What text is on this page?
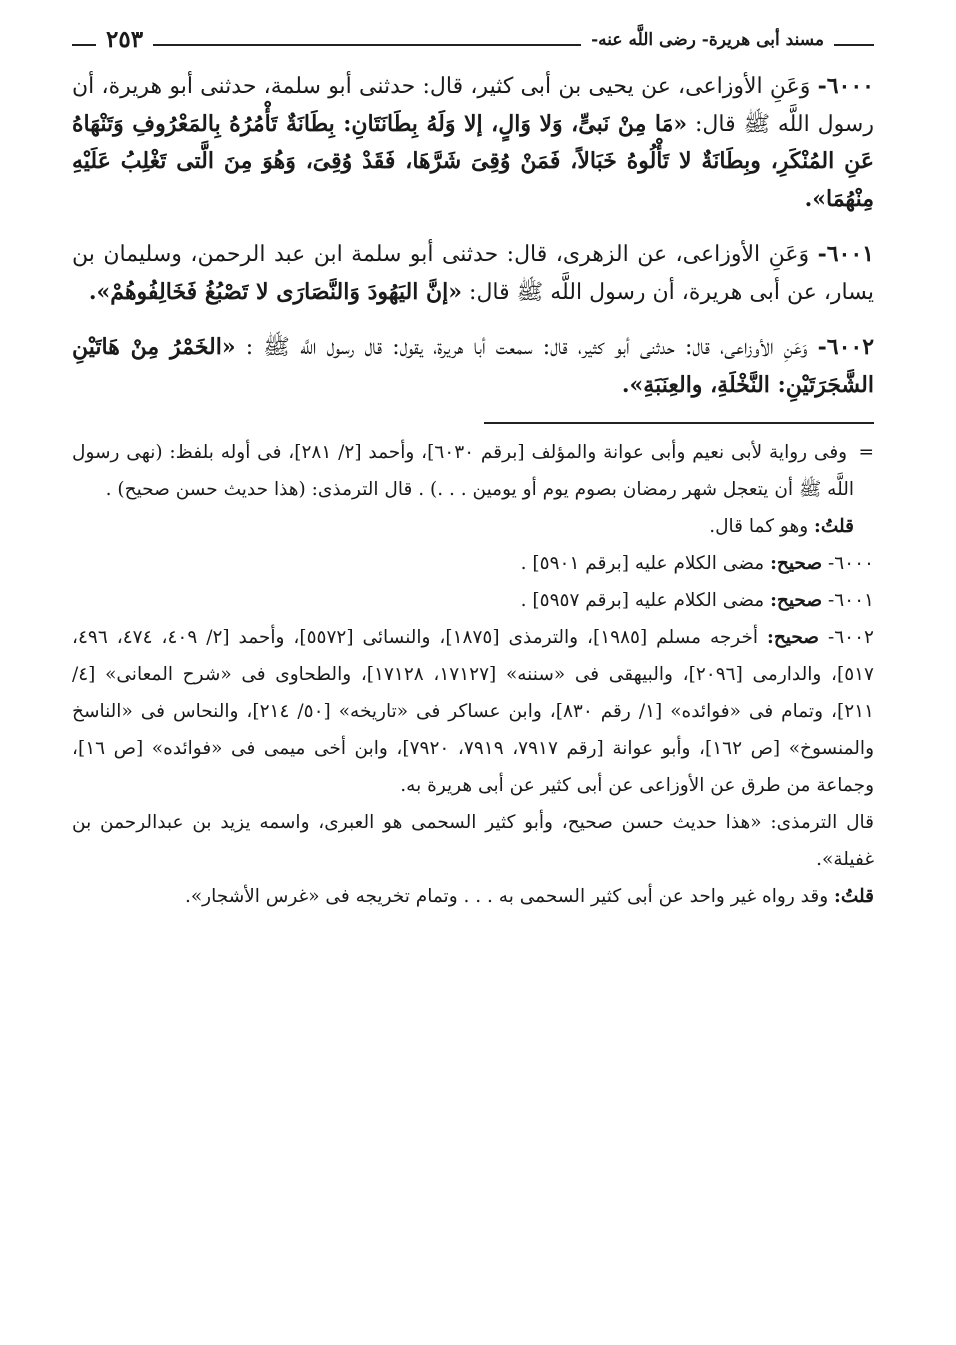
مسند أبى هريرة- رضى اللَّه عنه-
٢٥٣

٦٠٠٠- وَعَنِ الأوزاعى، عن يحيى بن أبى كثير، قال: حدثنى أبو سلمة، حدثنى أبو هريرة، أن رسول اللَّه ﷺ قال: «مَا مِنْ نَبىٍّ، وَلا وَالٍ، إلا وَلَهُ بِطَانَتَانِ: بِطَانَةٌ تَأْمُرُهُ بِالمَعْرُوفِ وَتَنْهَاهُ عَنِ المُنْكَرِ، وبِطَانَةٌ لا تَأْلُوهُ خَبَالاً، فَمَنْ وُقِىَ شَرَّهَا، فَقَدْ وُقِىَ، وَهُوَ مِنَ الَّتى تَغْلِبُ عَلَيْهِ مِنْهُمَا».

٦٠٠١- وَعَنِ الأوزاعى، عن الزهرى، قال: حدثنى أبو سلمة ابن عبد الرحمن، وسليمان بن يسار، عن أبى هريرة، أن رسول اللَّه ﷺ قال: «إنَّ اليَهُودَ وَالنَّصَارَى لا تَصْبُغُ فَخَالِفُوهُمْ».

٦٠٠٢- وَعَنِ الأوزاعى، قال: حدثنى أبو كثير، قال: سمعت أبا هريرة، يقول: قال رسول اللَّه ﷺ : «الخَمْرُ مِنْ هَاتَيْنِ الشَّجَرَتَيْنِ: النَّخْلَةِ، والعِنَبَةِ».

= وفى رواية لأبى نعيم وأبى عوانة والمؤلف [برقم ٦٠٣٠]، وأحمد [٢/ ٢٨١]، فى أوله بلفظ: (نهى رسول اللَّه ﷺ أن يتعجل شهر رمضان بصوم يوم أو يومين . . .) . قال الترمذى: (هذا حديث حسن صحيح) .

قلتُ: وهو كما قال.

٦٠٠٠- صحيح: مضى الكلام عليه [برقم ٥٩٠١] .

٦٠٠١- صحيح: مضى الكلام عليه [برقم ٥٩٥٧] .

٦٠٠٢- صحيح: أخرجه مسلم [١٩٨٥]، والترمذى [١٨٧٥]، والنسائى [٥٥٧٢]، وأحمد [٢/ ٤٠٩، ٤٧٤، ٤٩٦، ٥١٧]، والدارمى [٢٠٩٦]، والبيهقى فى «سننه» [١٧١٢٧، ١٧١٢٨]، والطحاوى فى «شرح المعانى» [٤/ ٢١١]، وتمام فى «فوائده» [١/ رقم ٨٣٠]، وابن عساكر فى «تاريخه» [٥٠/ ٢١٤]، والنحاس فى «الناسخ والمنسوخ» [ص ١٦٢]، وأبو عوانة [رقم ٧٩١٧، ٧٩١٩، ٧٩٢٠]، وابن أخى ميمى فى «فوائده» [ص ١٦]، وجماعة من طرق عن الأوزاعى عن أبى كثير عن أبى هريرة به.

قال الترمذى: «هذا حديث حسن صحيح، وأبو كثير السحمى هو العبرى، واسمه يزيد بن عبدالرحمن بن غفيلة».

قلتُ: وقد رواه غير واحد عن أبى كثير السحمى به . . . وتمام تخريجه فى «غرس الأشجار».
